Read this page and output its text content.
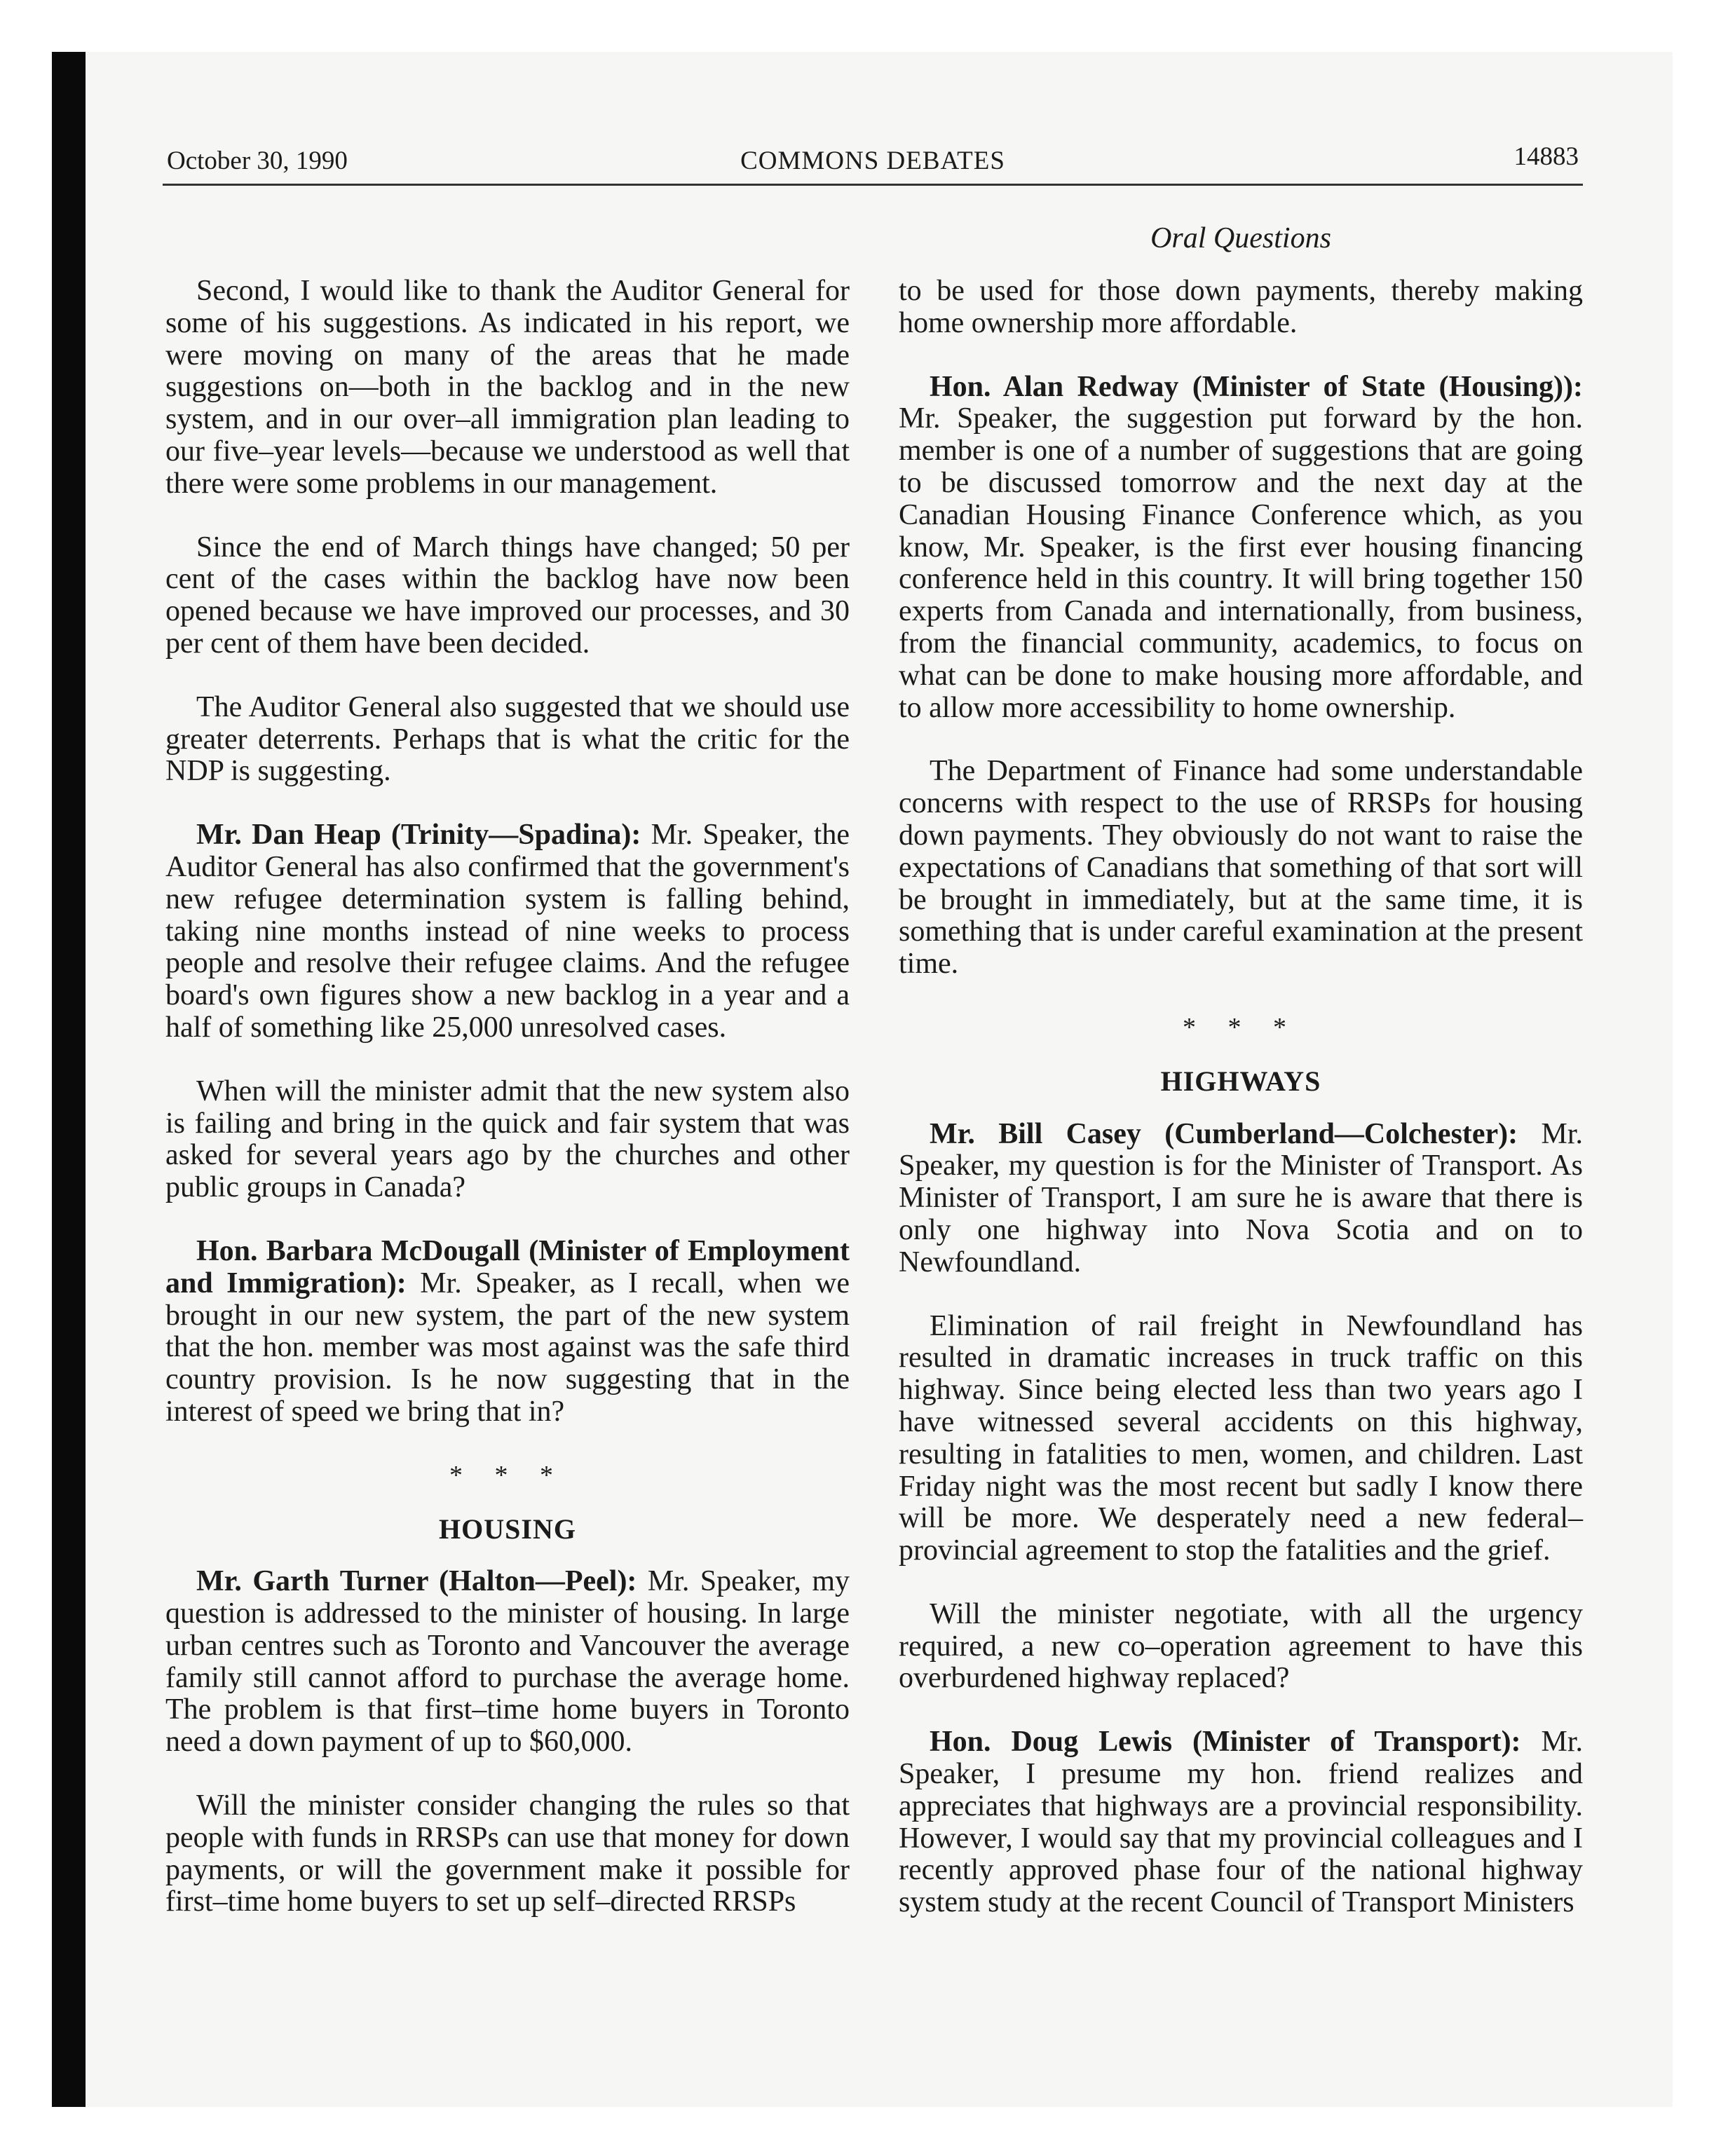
October 30, 1990	COMMONS DEBATES	14883
Oral Questions

Second, I would like to thank the Auditor General for some of his suggestions. As indicated in his report, we were moving on many of the areas that he made suggestions on—both in the backlog and in the new system, and in our over–all immigration plan leading to our five–year levels—because we understood as well that there were some problems in our management.

Since the end of March things have changed; 50 per cent of the cases within the backlog have now been opened because we have improved our processes, and 30 per cent of them have been decided.

The Auditor General also suggested that we should use greater deterrents. Perhaps that is what the critic for the NDP is suggesting.

Mr. Dan Heap (Trinity—Spadina): Mr. Speaker, the Auditor General has also confirmed that the government's new refugee determination system is falling behind, taking nine months instead of nine weeks to process people and resolve their refugee claims. And the refugee board's own figures show a new backlog in a year and a half of something like 25,000 unresolved cases.

When will the minister admit that the new system also is failing and bring in the quick and fair system that was asked for several years ago by the churches and other public groups in Canada?

Hon. Barbara McDougall (Minister of Employment and Immigration): Mr. Speaker, as I recall, when we brought in our new system, the part of the new system that the hon. member was most against was the safe third country provision. Is he now suggesting that in the interest of speed we bring that in?

* * *
HOUSING

Mr. Garth Turner (Halton—Peel): Mr. Speaker, my question is addressed to the minister of housing. In large urban centres such as Toronto and Vancouver the average family still cannot afford to purchase the average home. The problem is that first–time home buyers in Toronto need a down payment of up to $60,000.

Will the minister consider changing the rules so that people with funds in RRSPs can use that money for down payments, or will the government make it possible for first–time home buyers to set up self–directed RRSPs

to be used for those down payments, thereby making home ownership more affordable.

Hon. Alan Redway (Minister of State (Housing)): Mr. Speaker, the suggestion put forward by the hon. member is one of a number of suggestions that are going to be discussed tomorrow and the next day at the Canadian Housing Finance Conference which, as you know, Mr. Speaker, is the first ever housing financing conference held in this country. It will bring together 150 experts from Canada and internationally, from business, from the financial community, academics, to focus on what can be done to make housing more affordable, and to allow more accessibility to home ownership.

The Department of Finance had some understandable concerns with respect to the use of RRSPs for housing down payments. They obviously do not want to raise the expectations of Canadians that something of that sort will be brought in immediately, but at the same time, it is something that is under careful examination at the present time.

* * *
HIGHWAYS

Mr. Bill Casey (Cumberland—Colchester): Mr. Speaker, my question is for the Minister of Transport. As Minister of Transport, I am sure he is aware that there is only one highway into Nova Scotia and on to Newfoundland.

Elimination of rail freight in Newfoundland has resulted in dramatic increases in truck traffic on this highway. Since being elected less than two years ago I have witnessed several accidents on this highway, resulting in fatalities to men, women, and children. Last Friday night was the most recent but sadly I know there will be more. We desperately need a new federal–provincial agreement to stop the fatalities and the grief.

Will the minister negotiate, with all the urgency required, a new co–operation agreement to have this overburdened highway replaced?

Hon. Doug Lewis (Minister of Transport): Mr. Speaker, I presume my hon. friend realizes and appreciates that highways are a provincial responsibility. However, I would say that my provincial colleagues and I recently approved phase four of the national highway system study at the recent Council of Transport Ministers
